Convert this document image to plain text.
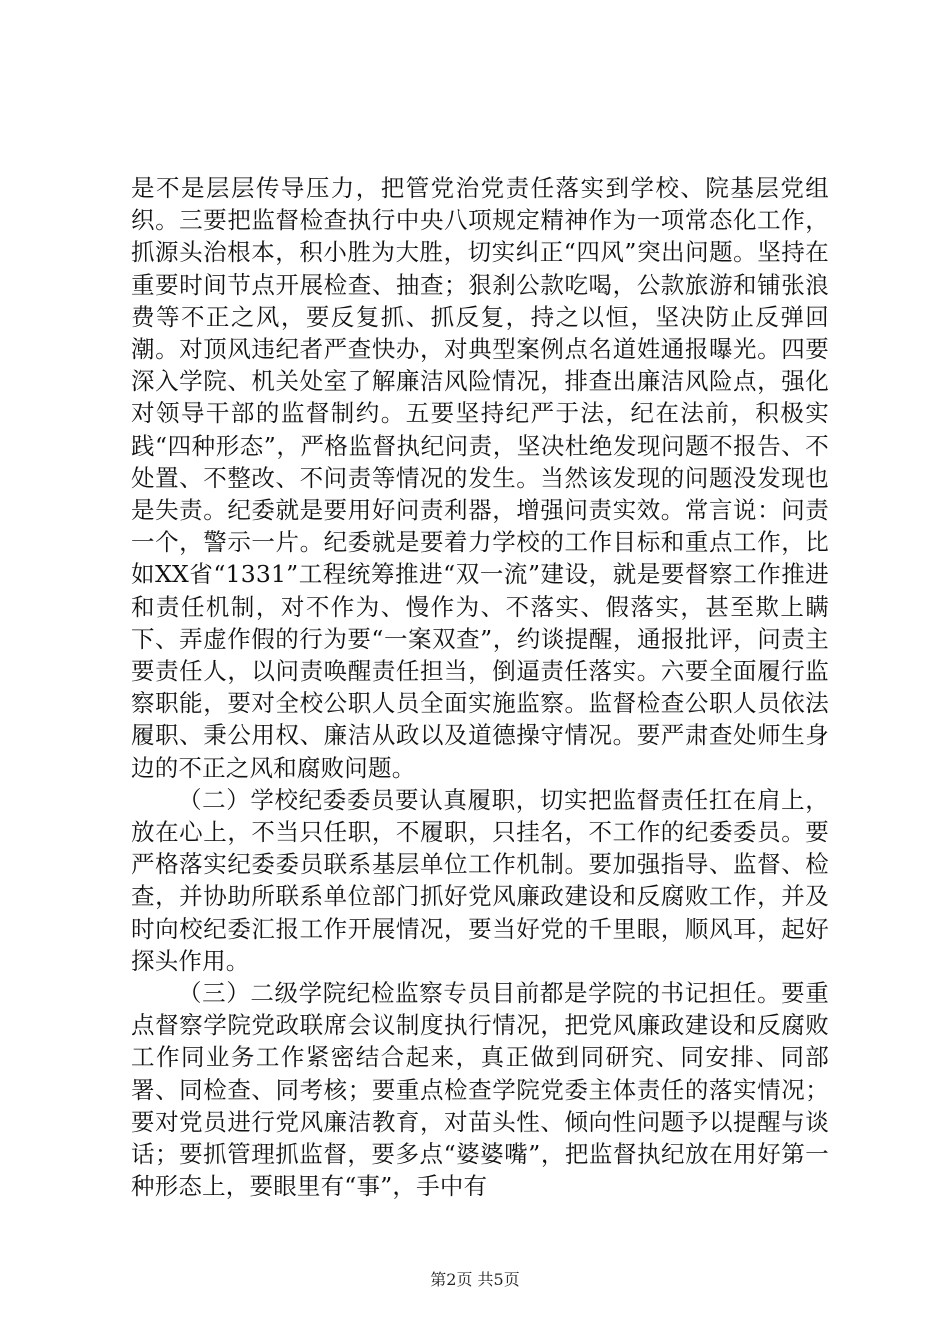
是不是层层传导压力，把管党治党责任落实到学校、院基层党组织。三要把监督检查执行中央八项规定精神作为一项常态化工作，抓源头治根本，积小胜为大胜，切实纠正“四风”突出问题。坚持在重要时间节点开展检查、抽查；狠刹公款吃喝，公款旅游和铺张浪费等不正之风，要反复抓、抓反复，持之以恒，坚决防止反弹回潮。对顶风违纪者严查快办，对典型案例点名道姓通报曝光。四要深入学院、机关处室了解廉洁风险情况，排查出廉洁风险点，强化对领导干部的监督制约。五要坚持纪严于法，纪在法前，积极实践“四种形态”，严格监督执纪问责，坚决杜绝发现问题不报告、不处置、不整改、不问责等情况的发生。当然该发现的问题没发现也是失责。纪委就是要用好问责利器，增强问责实效。常言说：问责一个，警示一片。纪委就是要着力学校的工作目标和重点工作，比如XX省“1331”工程统筹推进“双一流”建设，就是要督察工作推进和责任机制，对不作为、慢作为、不落实、假落实，甚至欺上瞒下、弄虚作假的行为要“一案双查”，约谈提醒，通报批评，问责主要责任人，以问责唤醒责任担当，倒逼责任落实。六要全面履行监察职能，要对全校公职人员全面实施监察。监督检查公职人员依法履职、秉公用权、廉洁从政以及道德操守情况。要严肃查处师生身边的不正之风和腐败问题。

（二）学校纪委委员要认真履职，切实把监督责任扛在肩上，放在心上，不当只任职，不履职，只挂名，不工作的纪委委员。要严格落实纪委委员联系基层单位工作机制。要加强指导、监督、检查，并协助所联系单位部门抓好党风廉政建设和反腐败工作，并及时向校纪委汇报工作开展情况，要当好党的千里眼，顺风耳，起好探头作用。

（三）二级学院纪检监察专员目前都是学院的书记担任。要重点督察学院党政联席会议制度执行情况，把党风廉政建设和反腐败工作同业务工作紧密结合起来，真正做到同研究、同安排、同部署、同检查、同考核；要重点检查学院党委主体责任的落实情况；要对党员进行党风廉洁教育，对苗头性、倾向性问题予以提醒与谈话；要抓管理抓监督，要多点“婆婆嘴”，把监督执纪放在用好第一种形态上，要眼里有“事”，手中有

第2页 共5页
